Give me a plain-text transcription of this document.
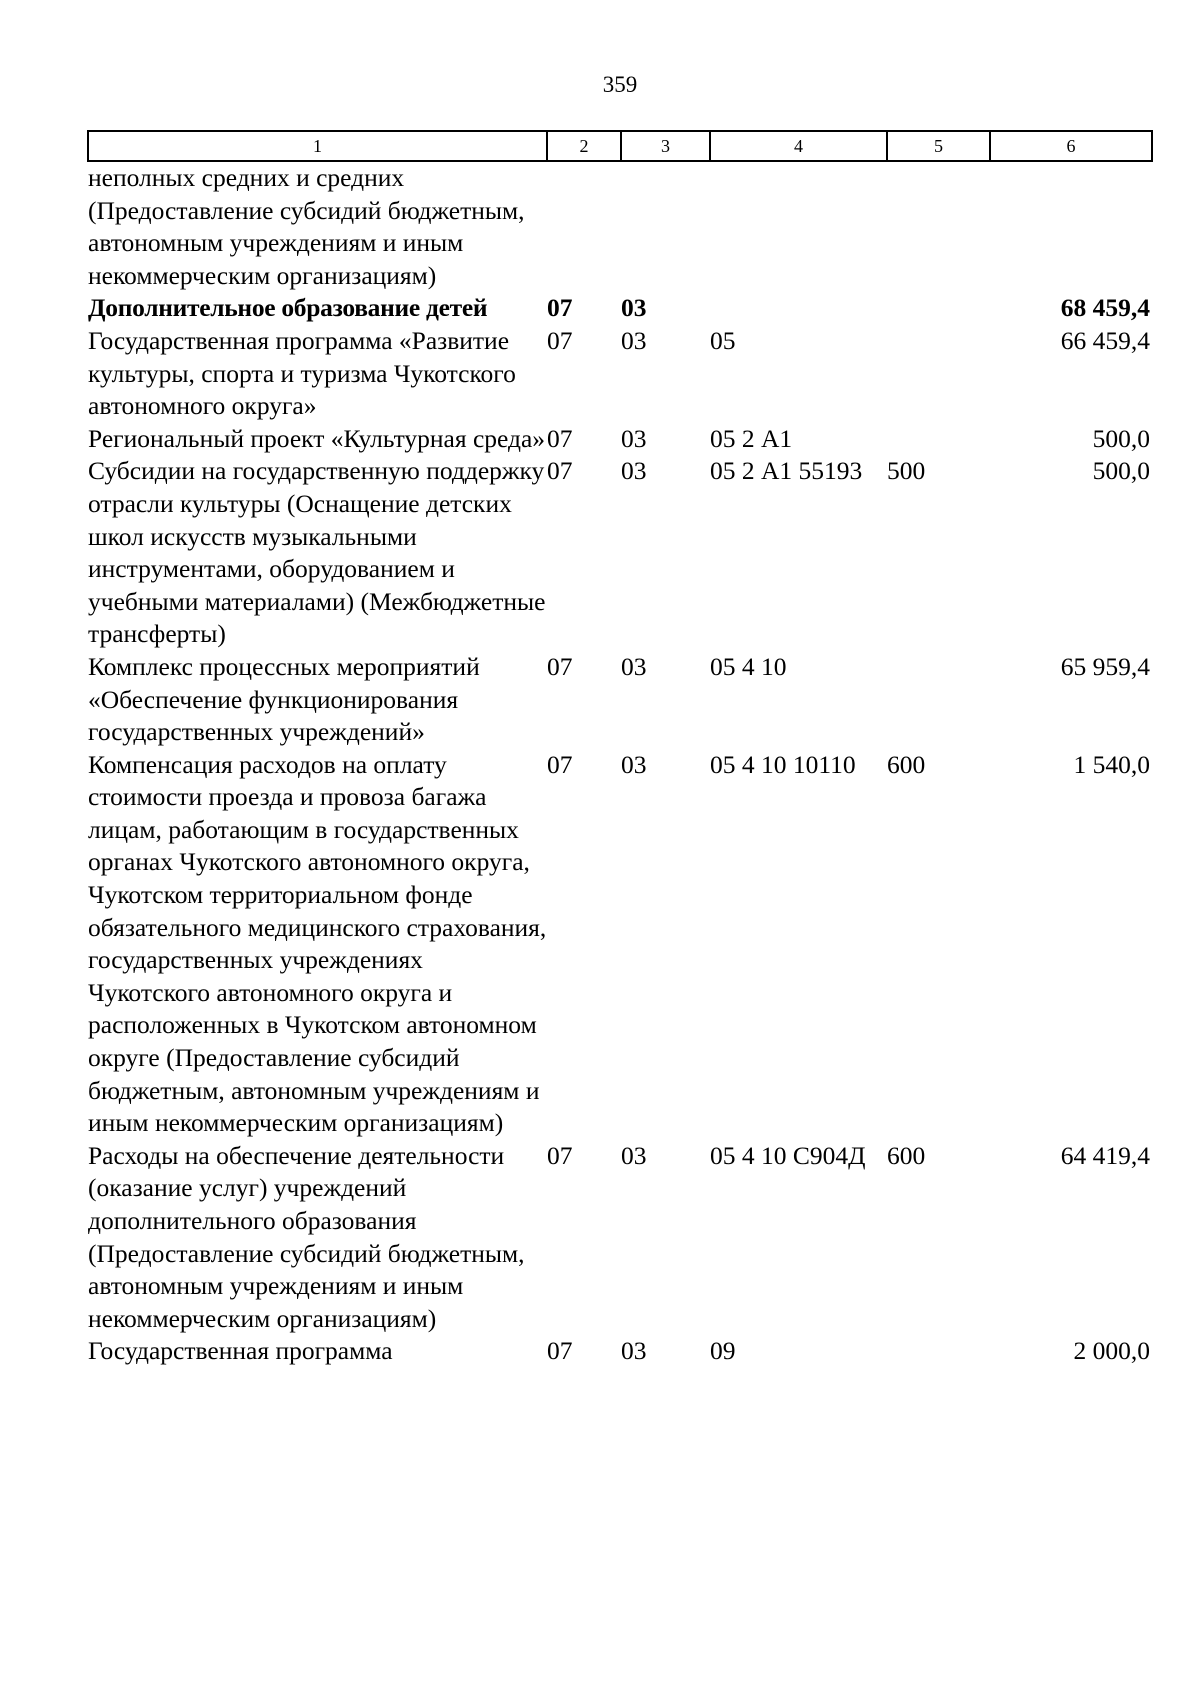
359
1	2	3	4	5	6
неполных средних и средних (Предоставление субсидий бюджетным, автономным учреждениям и иным некоммерческим организациям)					
Дополнительное образование детей	07	03			68 459,4
Государственная программа «Развитие культуры, спорта и туризма Чукотского автономного округа»	07	03	05		66 459,4
Региональный проект «Культурная среда»	07	03	05 2 А1		500,0
Субсидии на государственную поддержку отрасли культуры (Оснащение детских школ искусств музыкальными инструментами, оборудованием и учебными материалами) (Межбюджетные трансферты)	07	03	05 2 А1 55193	500	500,0
Комплекс процессных мероприятий «Обеспечение функционирования государственных учреждений»	07	03	05 4 10		65 959,4
Компенсация расходов на оплату стоимости проезда и провоза багажа лицам, работающим в государственных органах Чукотского автономного округа, Чукотском территориальном фонде обязательного медицинского страхования, государственных учреждениях Чукотского автономного округа и расположенных в Чукотском автономном округе (Предоставление субсидий бюджетным, автономным учреждениям и иным некоммерческим организациям)	07	03	05 4 10 10110	600	1 540,0
Расходы на обеспечение деятельности (оказание услуг) учреждений дополнительного образования (Предоставление субсидий бюджетным, автономным учреждениям и иным некоммерческим организациям)	07	03	05 4 10 С904Д	600	64 419,4
Государственная программа	07	03	09		2 000,0
